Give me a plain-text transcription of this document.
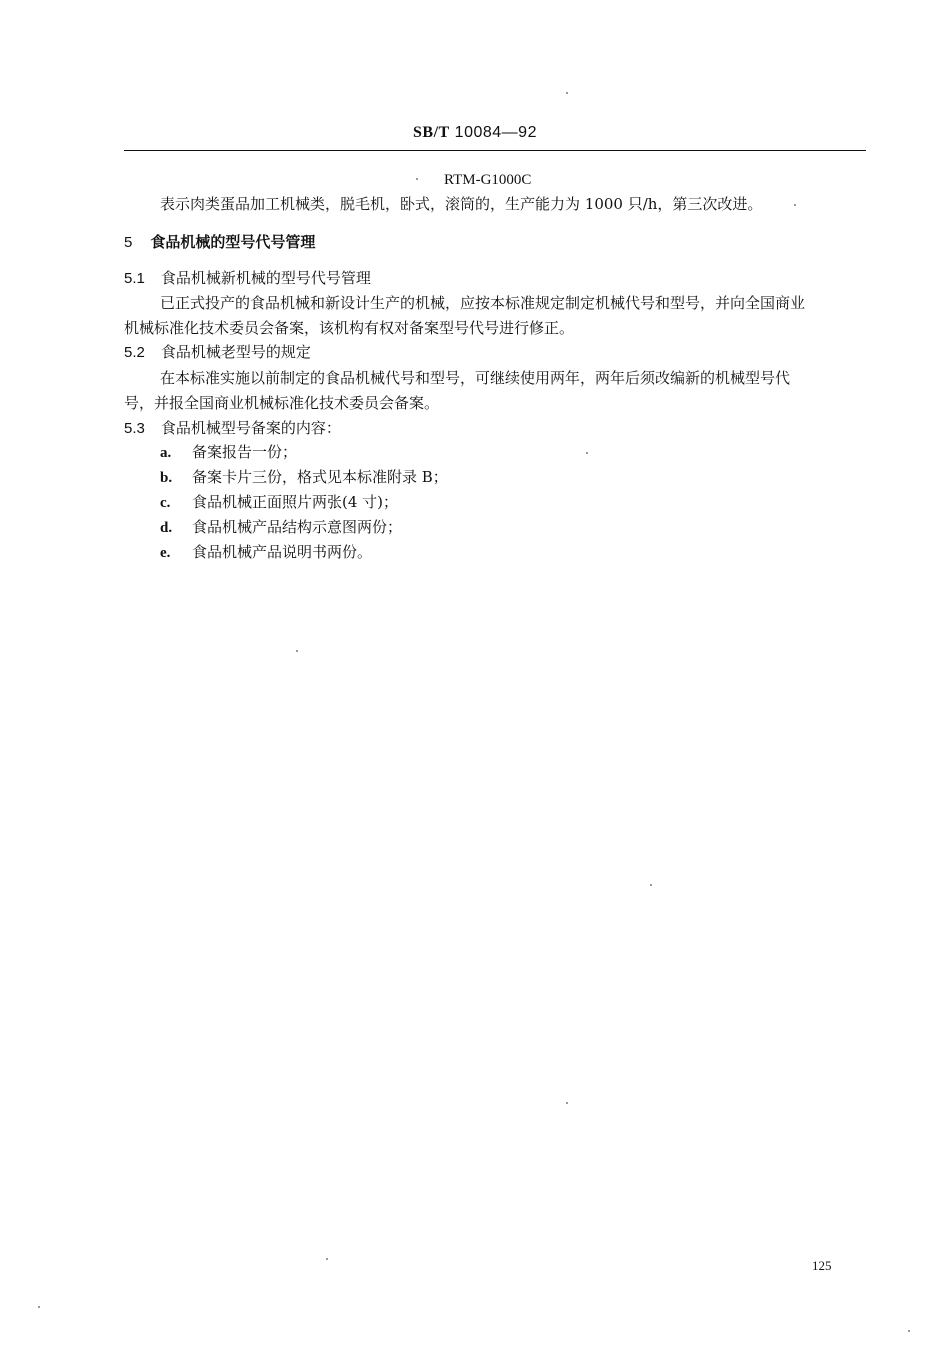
SB/T 10084—92
RTM-G1000C
表示肉类蛋品加工机械类，脱毛机，卧式，滚筒的，生产能力为 1000 只/h，第三次改进。
5 食品机械的型号代号管理
5.1 食品机械新机械的型号代号管理
已正式投产的食品机械和新设计生产的机械，应按本标准规定制定机械代号和型号，并向全国商业
机械标准化技术委员会备案，该机构有权对备案型号代号进行修正。
5.2 食品机械老型号的规定
在本标准实施以前制定的食品机械代号和型号，可继续使用两年，两年后须改编新的机械型号代
号，并报全国商业机械标准化技术委员会备案。
5.3 食品机械型号备案的内容：
a. 备案报告一份；
b. 备案卡片三份，格式见本标准附录 B；
c. 食品机械正面照片两张(4 寸)；
d. 食品机械产品结构示意图两份；
e. 食品机械产品说明书两份。
125
